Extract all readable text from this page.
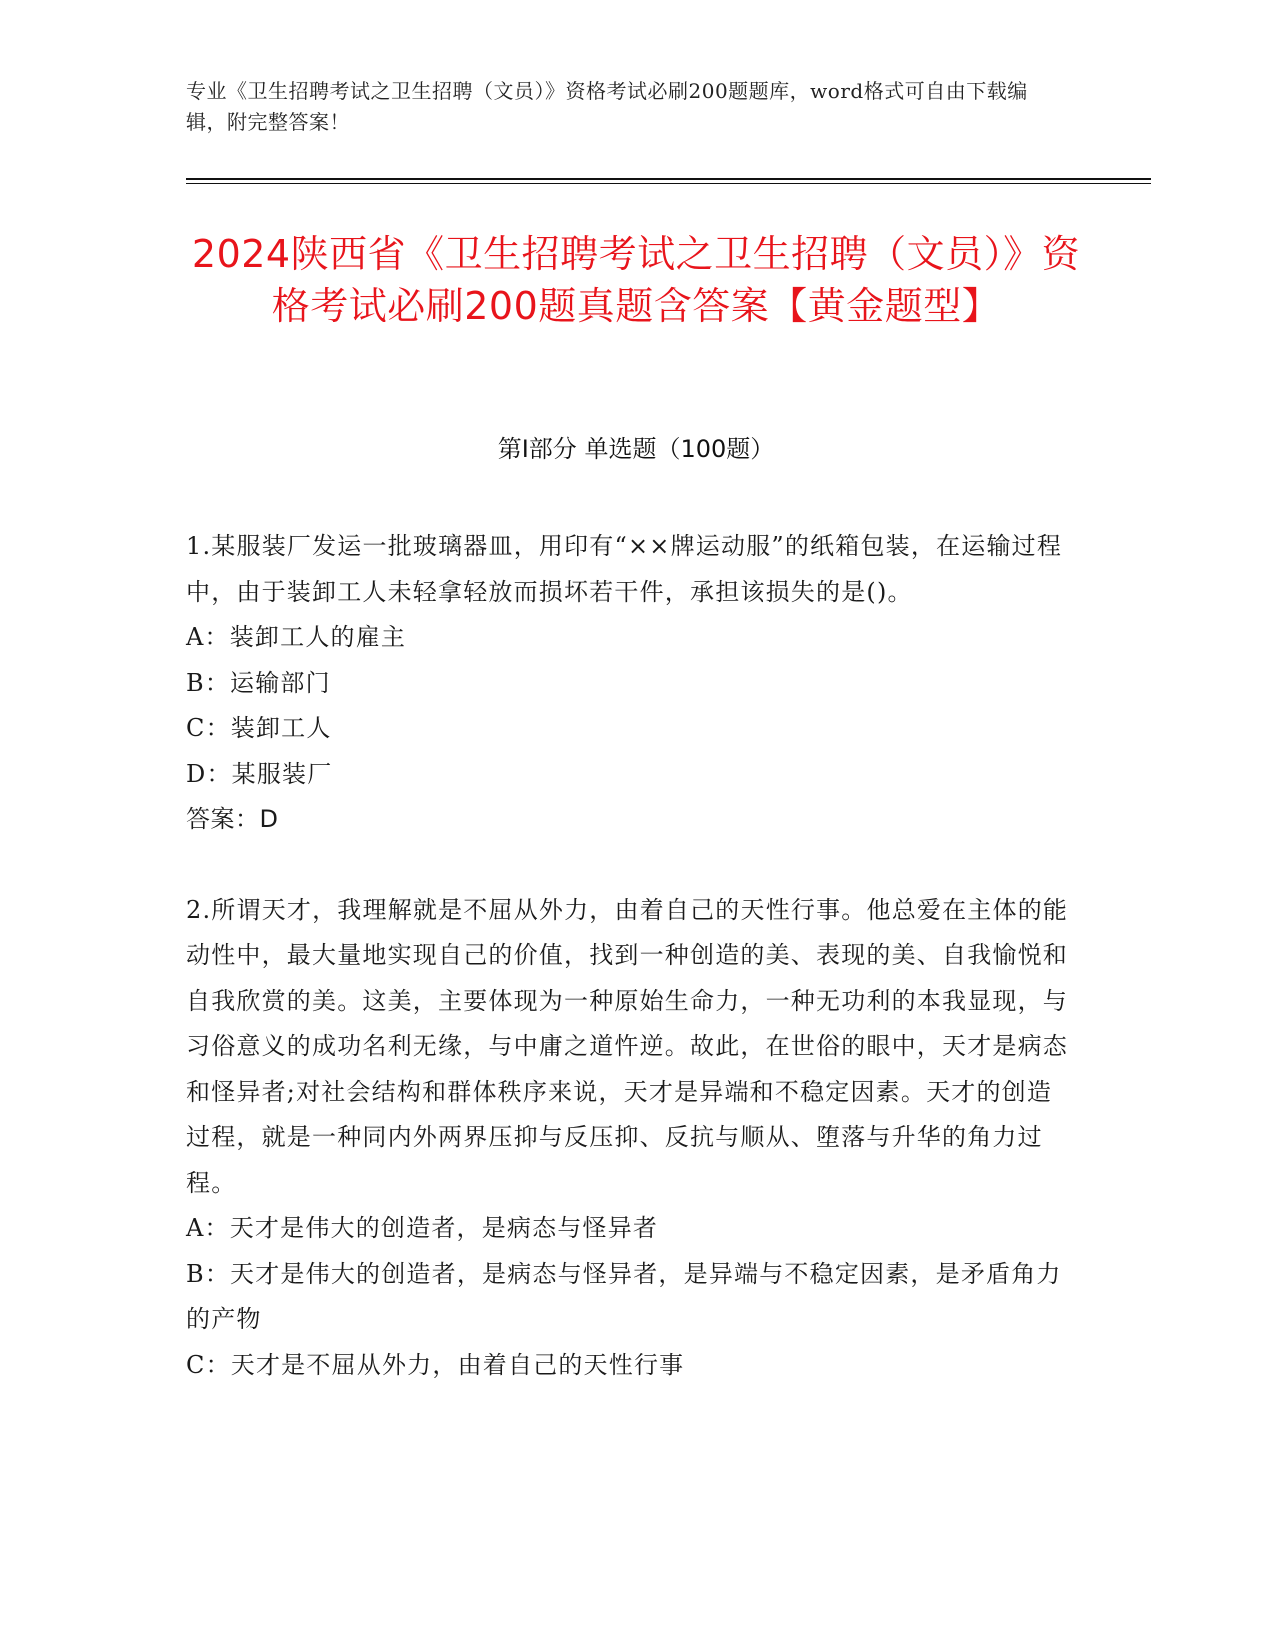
专业《卫生招聘考试之卫生招聘（文员）》资格考试必刷200题题库，word格式可自由下载编辑，附完整答案！
2024陕西省《卫生招聘考试之卫生招聘（文员）》资格考试必刷200题真题含答案【黄金题型】
第Ⅰ部分 单选题（100题）

1.某服装厂发运一批玻璃器皿，用印有“××牌运动服”的纸箱包装，在运输过程中，由于装卸工人未轻拿轻放而损坏若干件，承担该损失的是()。

A：装卸工人的雇主

B：运输部门

C：装卸工人

D：某服装厂

答案：D

2.所谓天才，我理解就是不屈从外力，由着自己的天性行事。他总爱在主体的能动性中，最大量地实现自己的价值，找到一种创造的美、表现的美、自我愉悦和自我欣赏的美。这美，主要体现为一种原始生命力，一种无功利的本我显现，与习俗意义的成功名利无缘，与中庸之道忤逆。故此，在世俗的眼中，天才是病态和怪异者;对社会结构和群体秩序来说，天才是异端和不稳定因素。天才的创造过程，就是一种同内外两界压抑与反压抑、反抗与顺从、堕落与升华的角力过程。

A：天才是伟大的创造者，是病态与怪异者

B：天才是伟大的创造者，是病态与怪异者，是异端与不稳定因素，是矛盾角力的产物

C：天才是不屈从外力，由着自己的天性行事
